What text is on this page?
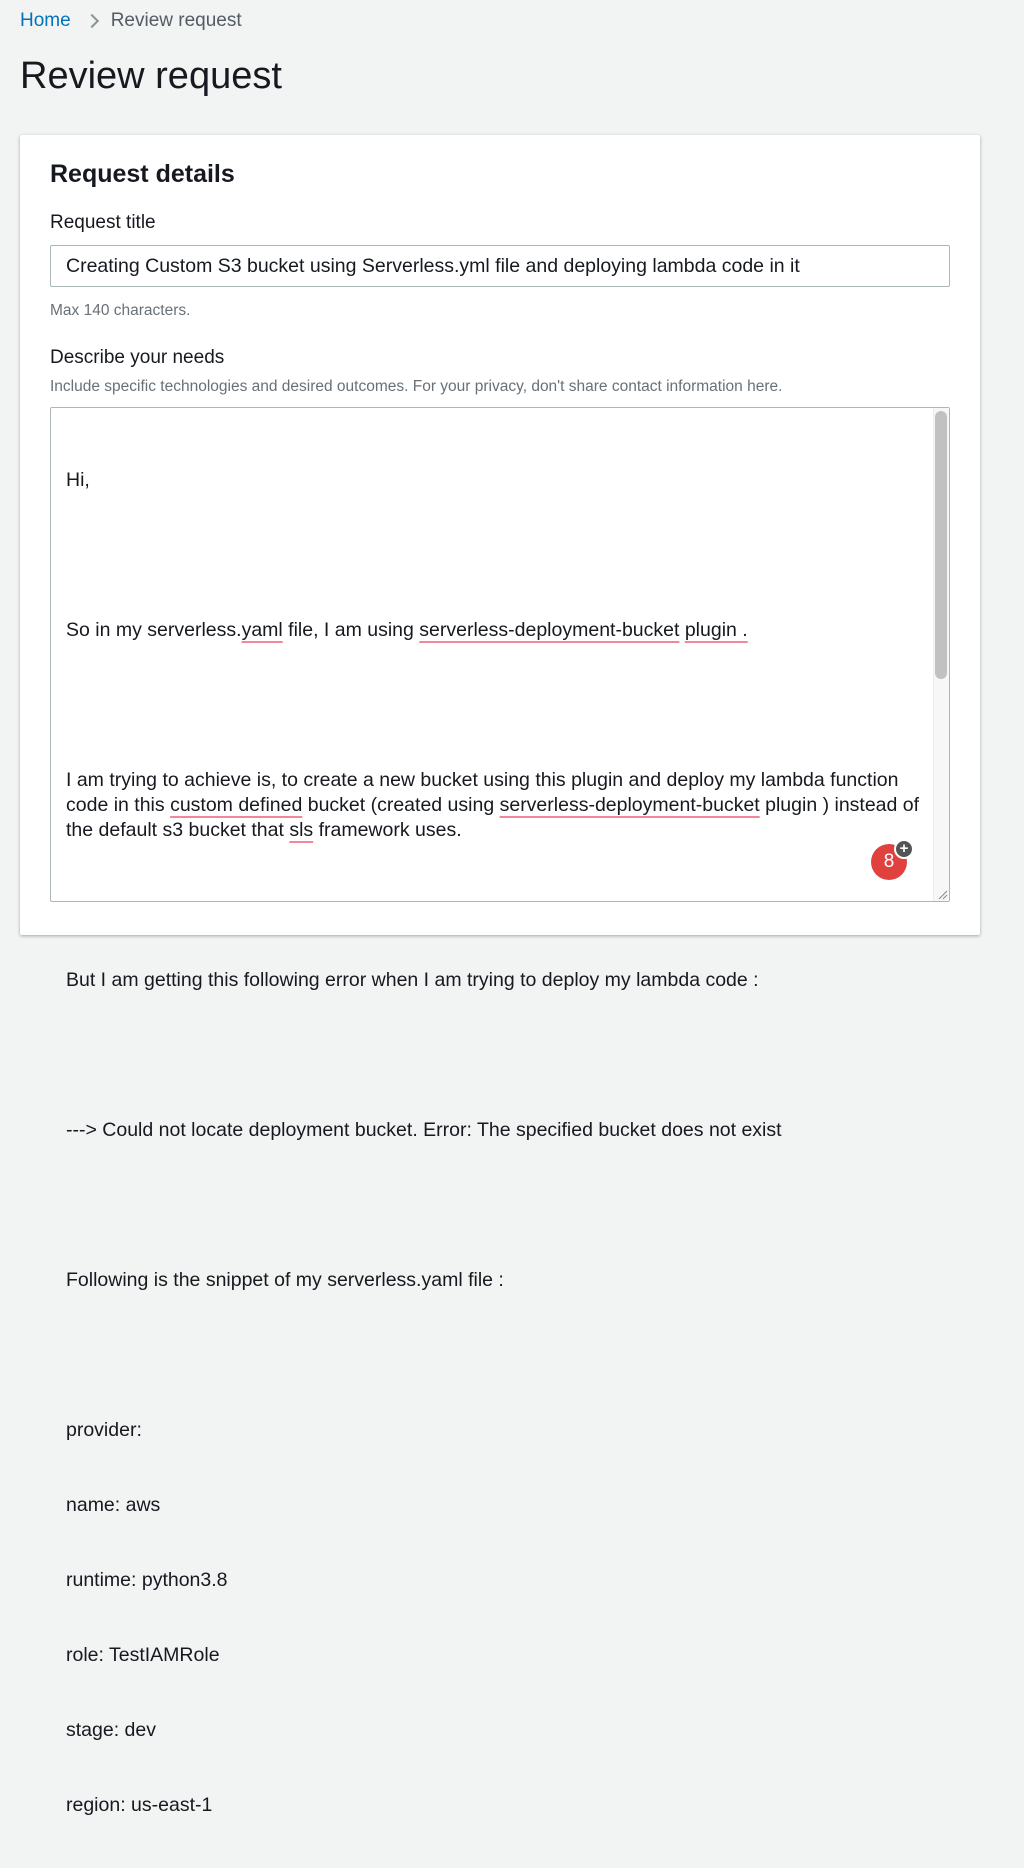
Home Review request
Review request
Request details
Request title
Creating Custom S3 bucket using Serverless.yml file and deploying lambda code in it
Max 140 characters.
Describe your needs
Include specific technologies and desired outcomes. For your privacy, don't share contact information here.

Hi,

So in my serverless.yaml file, I am using serverless-deployment-bucket plugin .

I am trying to achieve is, to create a new bucket using this plugin and deploy my lambda function code in this custom defined bucket (created using serverless-deployment-bucket plugin ) instead of the default s3 bucket that sls framework uses.

But I am getting this following error when I am trying to deploy my lambda code :

---> Could not locate deployment bucket. Error: The specified bucket does not exist

Following is the snippet of my serverless.yaml file :

provider:

name: aws

runtime: python3.8

role: TestIAMRole

stage: dev

region: us-east-1

8
+
